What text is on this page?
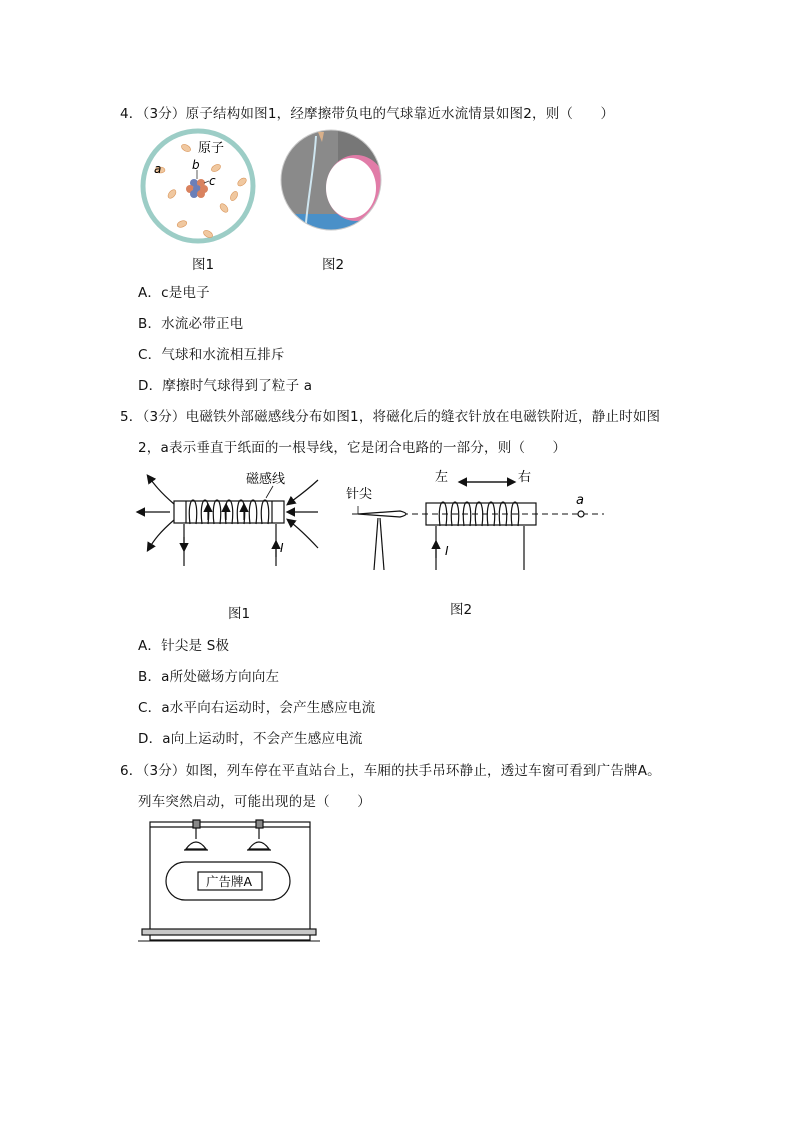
4．（3分）原子结构如图1，经摩擦带负电的气球靠近水流情景如图2，则（　　）
原子
b
c
a
图1	图2
A．c是电子
B．水流必带正电
C．气球和水流相互排斥
D．摩擦时气球得到了粒子 a
5．（3分）电磁铁外部磁感线分布如图1，将磁化后的缝衣针放在电磁铁附近，静止时如图
2，a表示垂直于纸面的一根导线，它是闭合电路的一部分，则（　　）
磁感线
I
针尖
左	右
a
I
图1	图2
A．针尖是 S极
B．a所处磁场方向向左
C．a水平向右运动时，会产生感应电流
D．a向上运动时，不会产生感应电流
6．（3分）如图，列车停在平直站台上，车厢的扶手吊环静止，透过车窗可看到广告牌A。
列车突然启动，可能出现的是（　　）
广告牌A
